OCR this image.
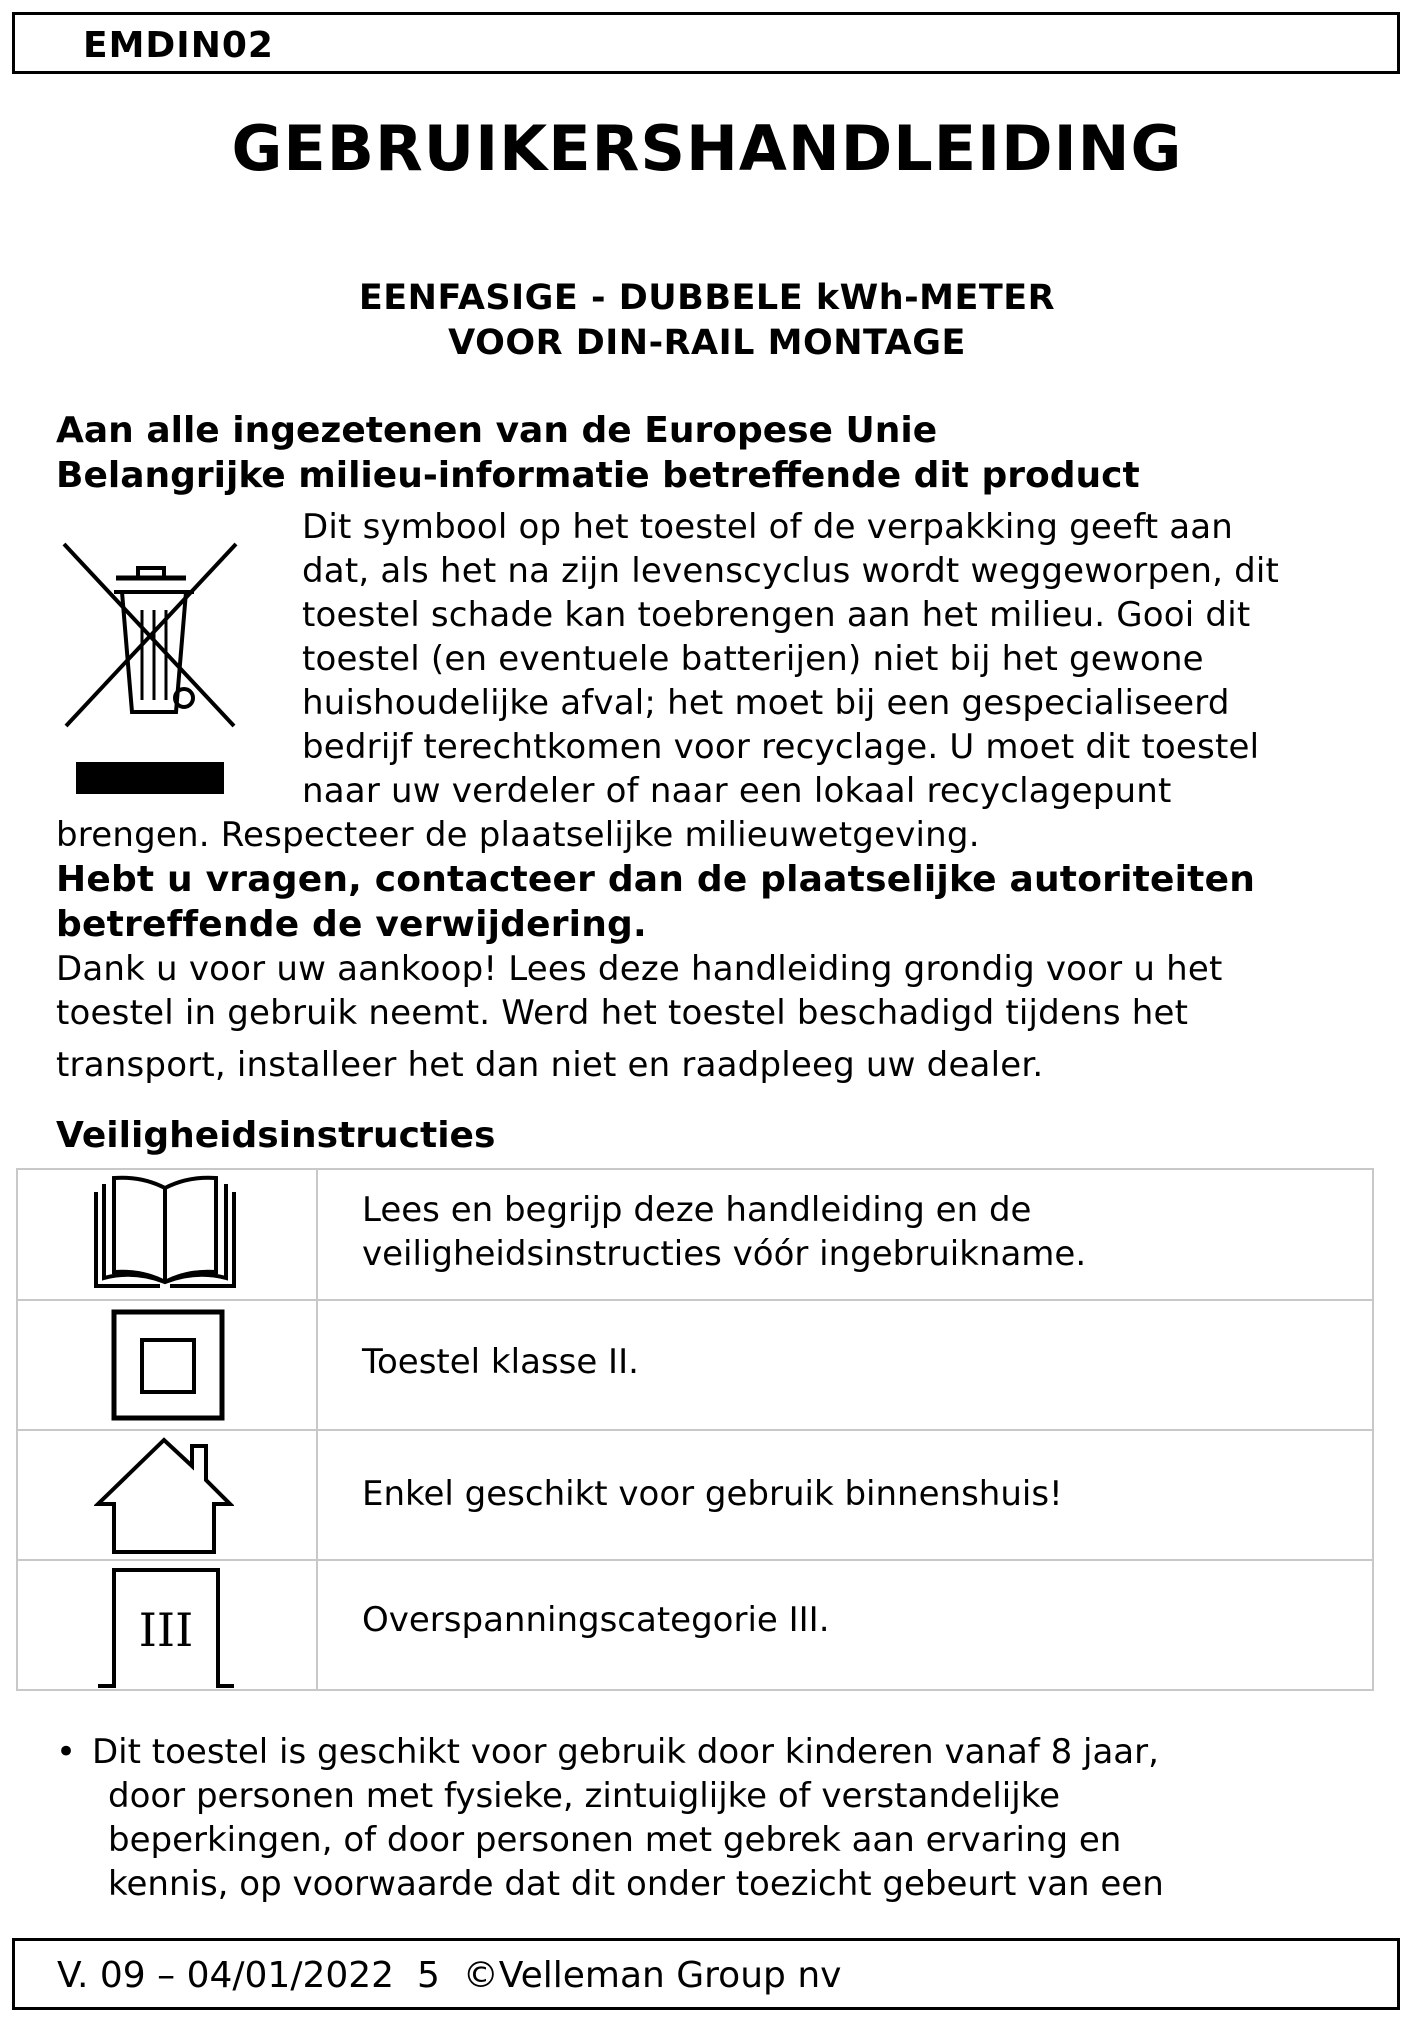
EMDIN02
GEBRUIKERSHANDLEIDING
EENFASIGE - DUBBELE kWh-METER
VOOR DIN-RAIL MONTAGE
Aan alle ingezetenen van de Europese Unie
Belangrijke milieu-informatie betreffende dit product
Dit symbool op het toestel of de verpakking geeft aan
dat, als het na zijn levenscyclus wordt weggeworpen, dit
toestel schade kan toebrengen aan het milieu. Gooi dit
toestel (en eventuele batterijen) niet bij het gewone
huishoudelijke afval; het moet bij een gespecialiseerd
bedrijf terechtkomen voor recyclage. U moet dit toestel
naar uw verdeler of naar een lokaal recyclagepunt
brengen. Respecteer de plaatselijke milieuwetgeving.
Hebt u vragen, contacteer dan de plaatselijke autoriteiten
betreffende de verwijdering.
Dank u voor uw aankoop! Lees deze handleiding grondig voor u het
toestel in gebruik neemt. Werd het toestel beschadigd tijdens het
transport, installeer het dan niet en raadpleeg uw dealer.
Veiligheidsinstructies
Lees en begrijp deze handleiding en de
veiligheidsinstructies vóór ingebruikname.
Toestel klasse II.
Enkel geschikt voor gebruik binnenshuis!
III	Overspanningscategorie III.
• Dit toestel is geschikt voor gebruik door kinderen vanaf 8 jaar,
door personen met fysieke, zintuiglijke of verstandelijke
beperkingen, of door personen met gebrek aan ervaring en
kennis, op voorwaarde dat dit onder toezicht gebeurt van een
V. 09 – 04/01/2022 5 ©Velleman Group nv
